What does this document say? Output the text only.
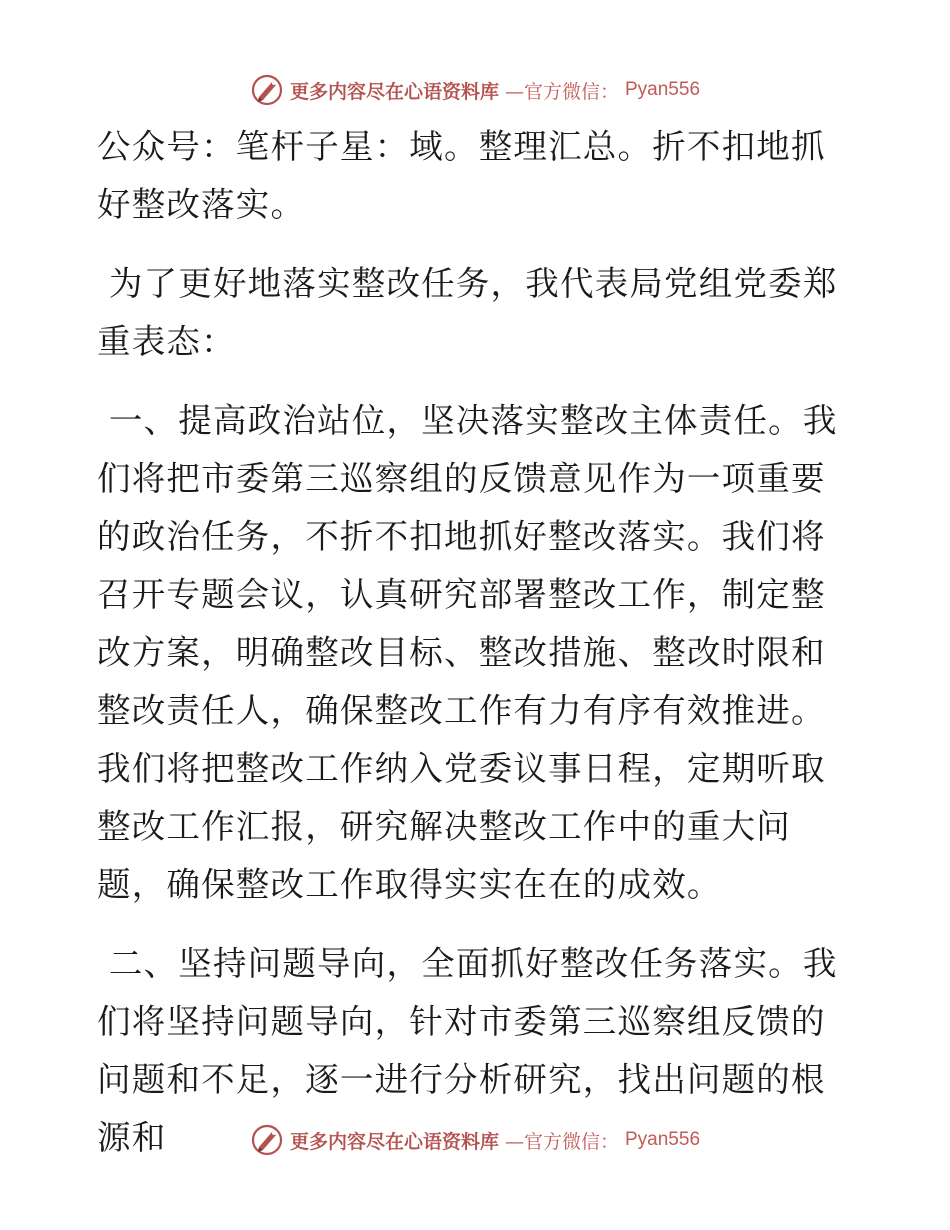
更多内容尽在心语资料库 —官方微信： Pyan556

公众号：笔杆子星：域。整理汇总。折不扣地抓好整改落实。

为了更好地落实整改任务，我代表局党组党委郑重表态：

一、提高政治站位，坚决落实整改主体责任。我们将把市委第三巡察组的反馈意见作为一项重要的政治任务，不折不扣地抓好整改落实。我们将召开专题会议，认真研究部署整改工作，制定整改方案，明确整改目标、整改措施、整改时限和整改责任人，确保整改工作有力有序有效推进。我们将把整改工作纳入党委议事日程，定期听取整改工作汇报，研究解决整改工作中的重大问题，确保整改工作取得实实在在的成效。

二、坚持问题导向，全面抓好整改任务落实。我们将坚持问题导向，针对市委第三巡察组反馈的问题和不足，逐一进行分析研究，找出问题的根源和	更多内容尽在心语资料库 —官方微信： Pyan556
